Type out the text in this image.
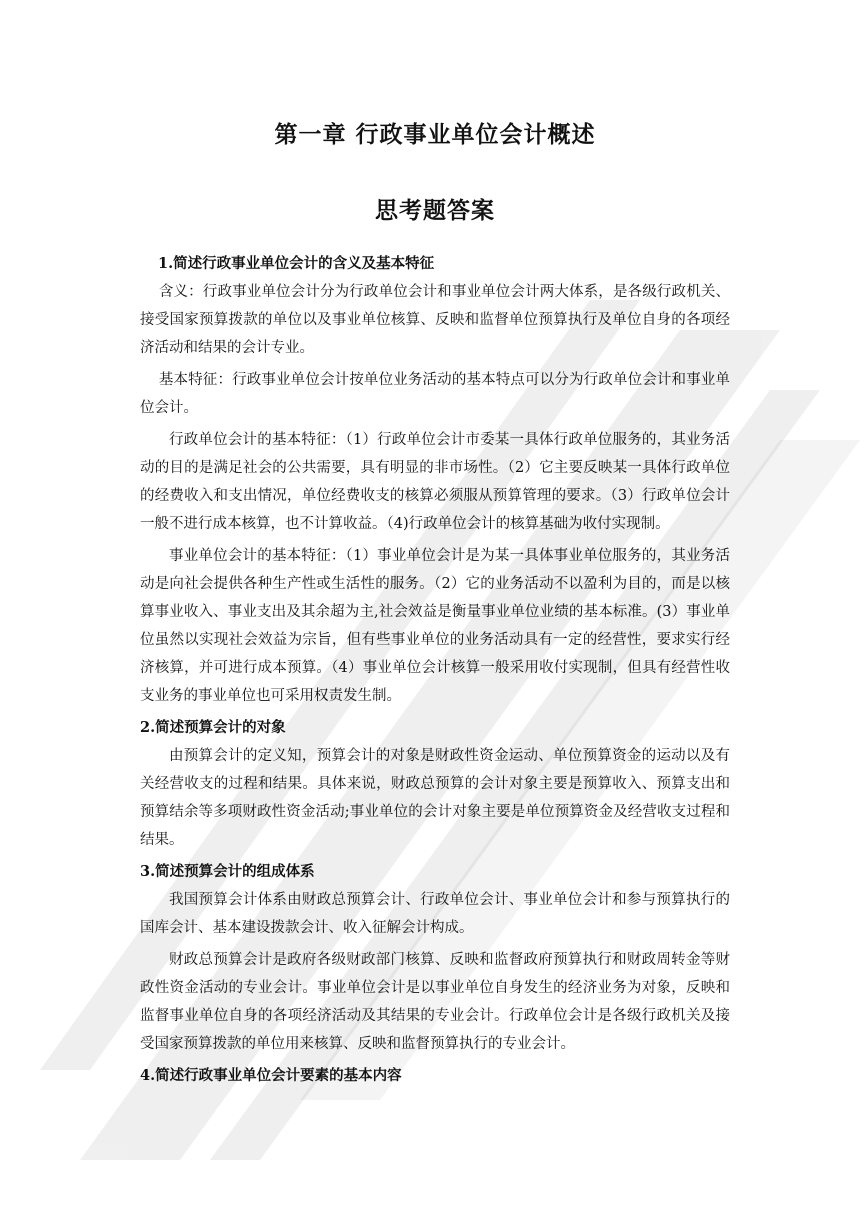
第一章 行政事业单位会计概述
思考题答案

1.简述行政事业单位会计的含义及基本特征

含义：行政事业单位会计分为行政单位会计和事业单位会计两大体系，是各级行政机关、接受国家预算拨款的单位以及事业单位核算、反映和监督单位预算执行及单位自身的各项经济活动和结果的会计专业。

基本特征：行政事业单位会计按单位业务活动的基本特点可以分为行政单位会计和事业单位会计。

行政单位会计的基本特征：（1）行政单位会计市委某一具体行政单位服务的，其业务活动的目的是满足社会的公共需要，具有明显的非市场性。（2）它主要反映某一具体行政单位的经费收入和支出情况，单位经费收支的核算必须服从预算管理的要求。（3）行政单位会计一般不进行成本核算，也不计算收益。（4)行政单位会计的核算基础为收付实现制。

事业单位会计的基本特征：（1）事业单位会计是为某一具体事业单位服务的，其业务活动是向社会提供各种生产性或生活性的服务。（2）它的业务活动不以盈利为目的，而是以核算事业收入、事业支出及其余超为主,社会效益是衡量事业单位业绩的基本标准。(3）事业单位虽然以实现社会效益为宗旨，但有些事业单位的业务活动具有一定的经营性，要求实行经济核算，并可进行成本预算。（4）事业单位会计核算一般采用收付实现制，但具有经营性收支业务的事业单位也可采用权责发生制。

2.简述预算会计的对象

由预算会计的定义知，预算会计的对象是财政性资金运动、单位预算资金的运动以及有关经营收支的过程和结果。具体来说，财政总预算的会计对象主要是预算收入、预算支出和预算结余等多项财政性资金活动;事业单位的会计对象主要是单位预算资金及经营收支过程和结果。

3.简述预算会计的组成体系

我国预算会计体系由财政总预算会计、行政单位会计、事业单位会计和参与预算执行的国库会计、基本建设拨款会计、收入征解会计构成。

财政总预算会计是政府各级财政部门核算、反映和监督政府预算执行和财政周转金等财政性资金活动的专业会计。事业单位会计是以事业单位自身发生的经济业务为对象，反映和监督事业单位自身的各项经济活动及其结果的专业会计。行政单位会计是各级行政机关及接受国家预算拨款的单位用来核算、反映和监督预算执行的专业会计。

4.简述行政事业单位会计要素的基本内容
